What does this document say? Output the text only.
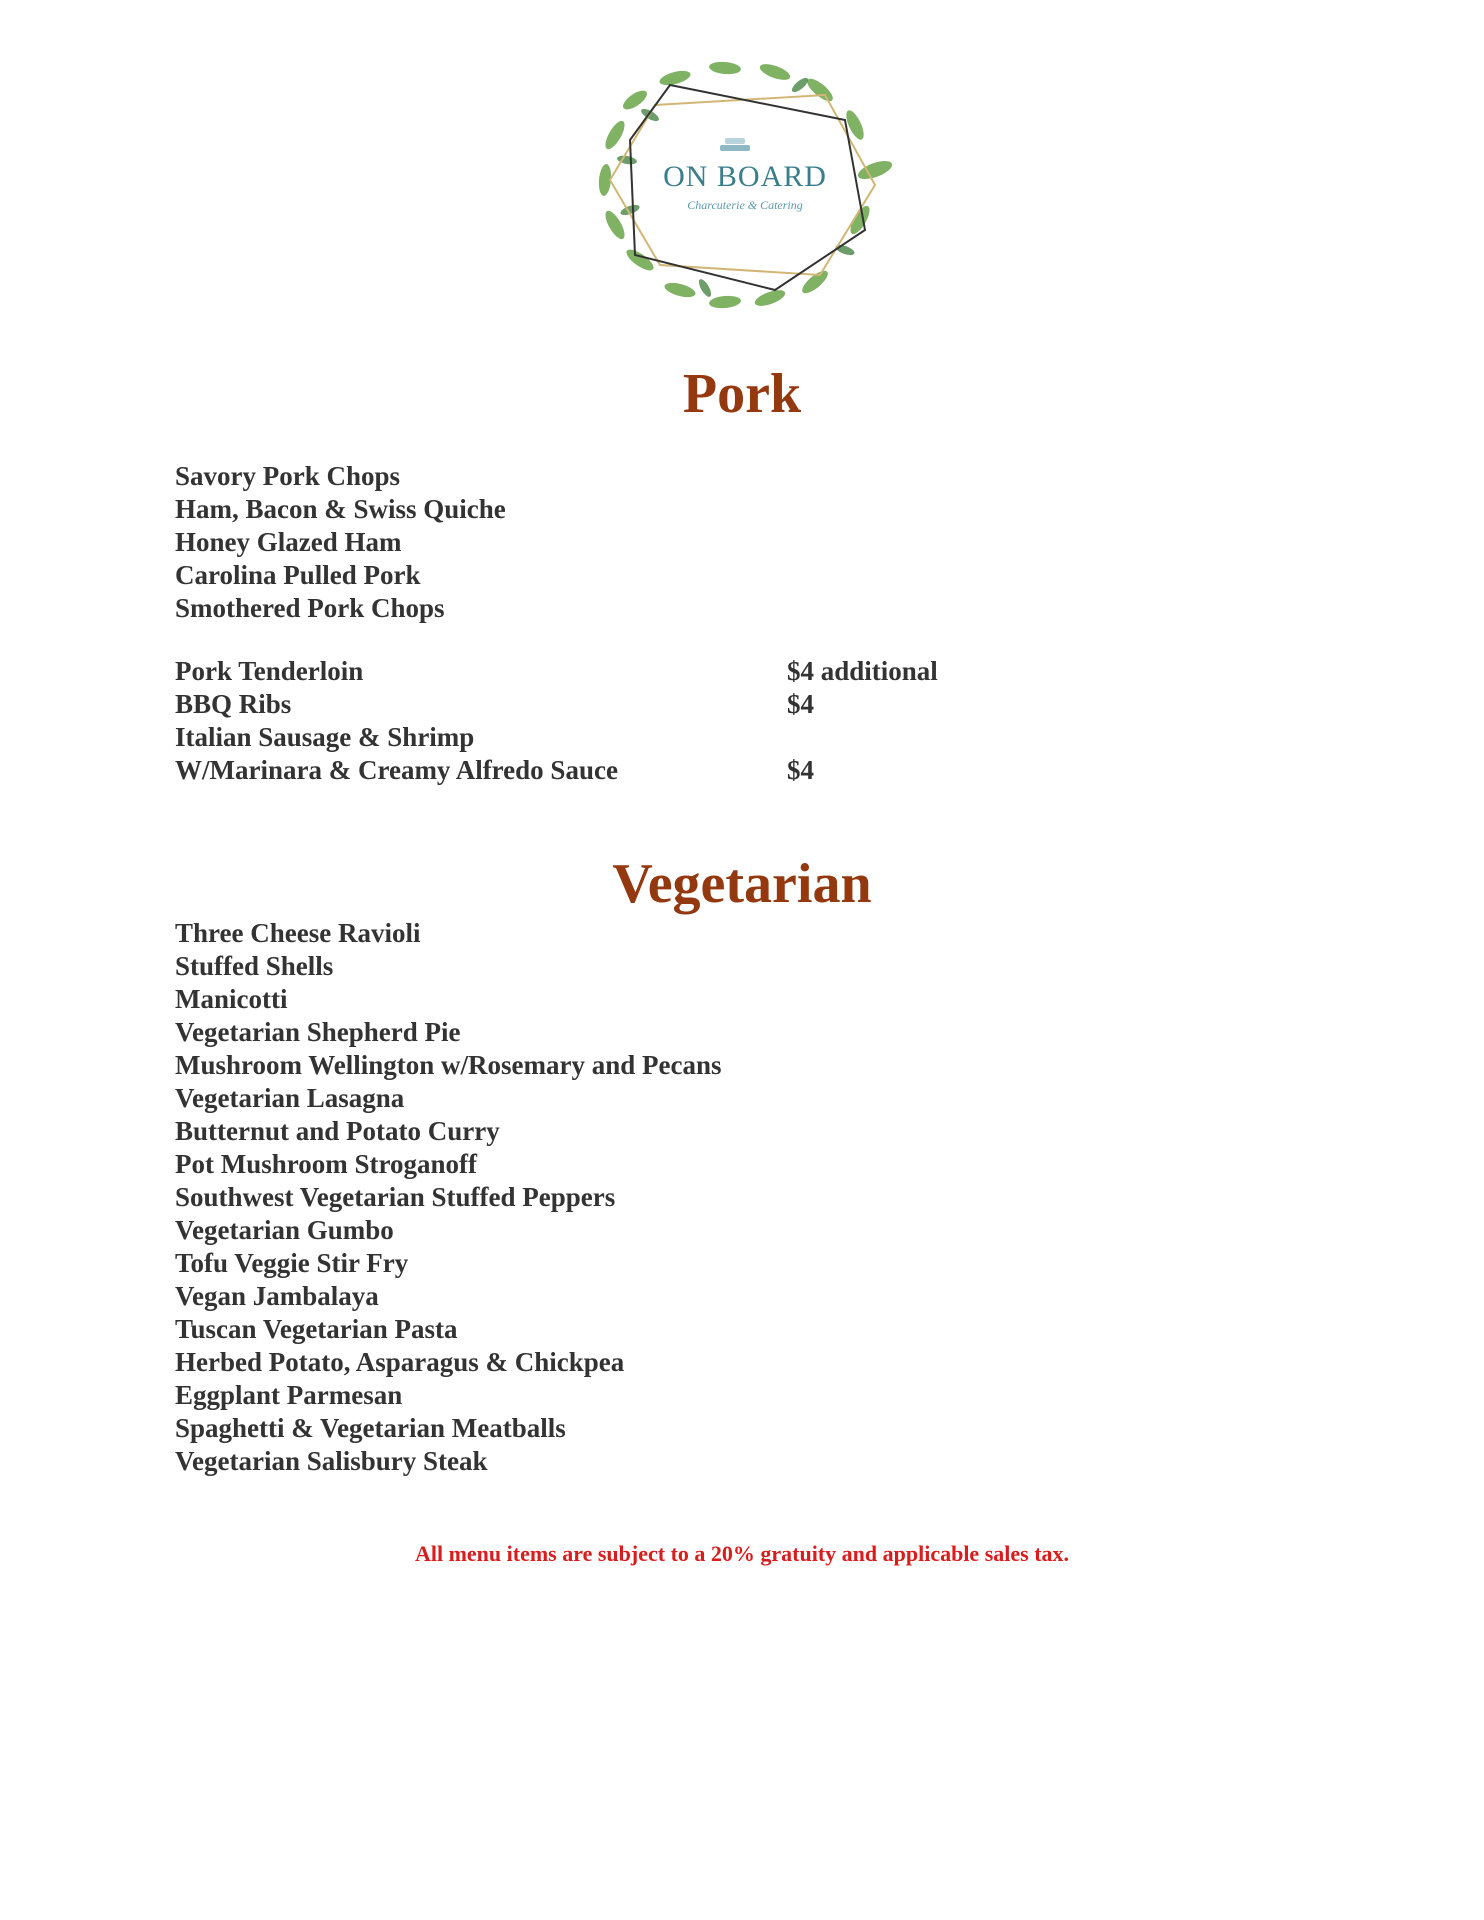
ON BOARD
Charcuterie & Catering
Pork
Savory Pork Chops
Ham, Bacon & Swiss Quiche
Honey Glazed Ham
Carolina Pulled Pork
Smothered Pork Chops
Pork Tenderloin	$4 additional
BBQ Ribs	$4
Italian Sausage & Shrimp
W/Marinara & Creamy Alfredo Sauce	$4
Vegetarian
Three Cheese Ravioli
Stuffed Shells
Manicotti
Vegetarian Shepherd Pie
Mushroom Wellington w/Rosemary and Pecans
Vegetarian Lasagna
Butternut and Potato Curry
Pot Mushroom Stroganoff
Southwest Vegetarian Stuffed Peppers
Vegetarian Gumbo
Tofu Veggie Stir Fry
Vegan Jambalaya
Tuscan Vegetarian Pasta
Herbed Potato, Asparagus & Chickpea
Eggplant Parmesan
Spaghetti & Vegetarian Meatballs
Vegetarian Salisbury Steak
All menu items are subject to a 20% gratuity and applicable sales tax.
